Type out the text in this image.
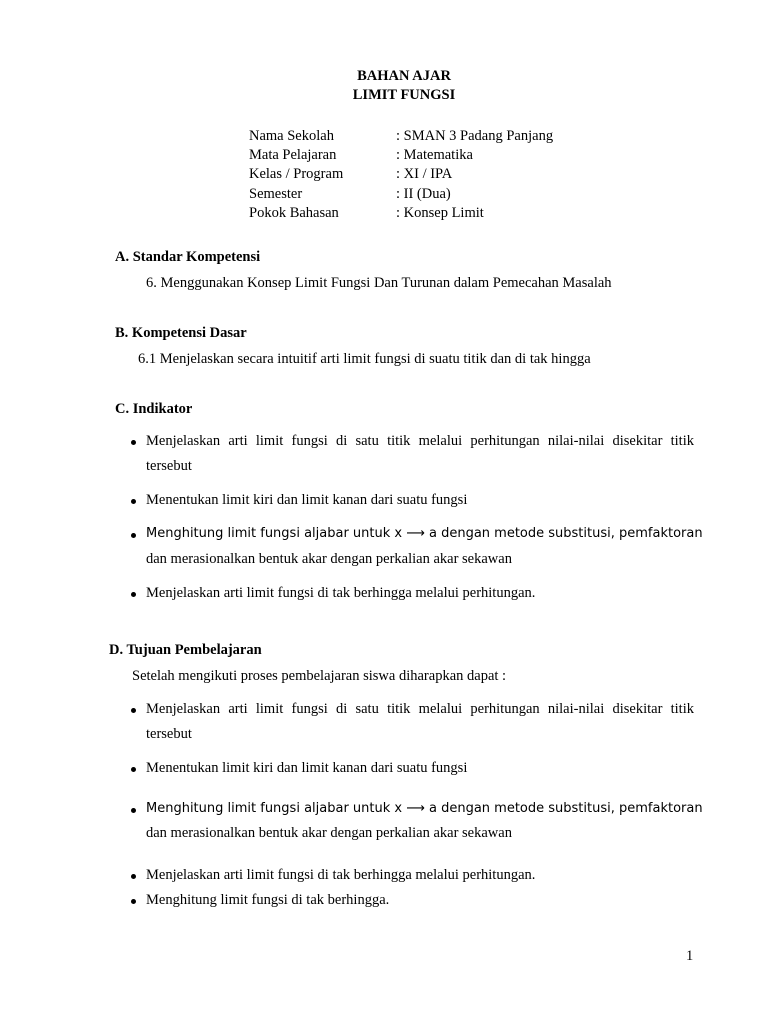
BAHAN AJAR
LIMIT FUNGSI
Nama Sekolah	: SMAN 3 Padang Panjang
Mata Pelajaran	: Matematika
Kelas / Program	: XI / IPA
Semester	: II (Dua)
Pokok Bahasan	: Konsep Limit
A. Standar Kompetensi
6. Menggunakan Konsep Limit Fungsi Dan Turunan dalam Pemecahan Masalah
B. Kompetensi Dasar
6.1 Menjelaskan secara intuitif arti limit fungsi di suatu titik dan di tak hingga
C. Indikator
Menjelaskan arti limit fungsi di satu titik melalui perhitungan nilai-nilai disekitar titik
tersebut
Menentukan limit kiri dan limit kanan dari suatu fungsi
Menghitung limit fungsi aljabar untuk x ⟶ a dengan metode substitusi, pemfaktoran
dan merasionalkan bentuk akar dengan perkalian akar sekawan
Menjelaskan arti limit fungsi di tak berhingga melalui perhitungan.
D. Tujuan Pembelajaran
Setelah mengikuti proses pembelajaran siswa diharapkan dapat :
Menjelaskan arti limit fungsi di satu titik melalui perhitungan nilai-nilai disekitar titik
tersebut
Menentukan limit kiri dan limit kanan dari suatu fungsi
Menghitung limit fungsi aljabar untuk x ⟶ a dengan metode substitusi, pemfaktoran
dan merasionalkan bentuk akar dengan perkalian akar sekawan
Menjelaskan arti limit fungsi di tak berhingga melalui perhitungan.
Menghitung limit fungsi di tak berhingga.
1
